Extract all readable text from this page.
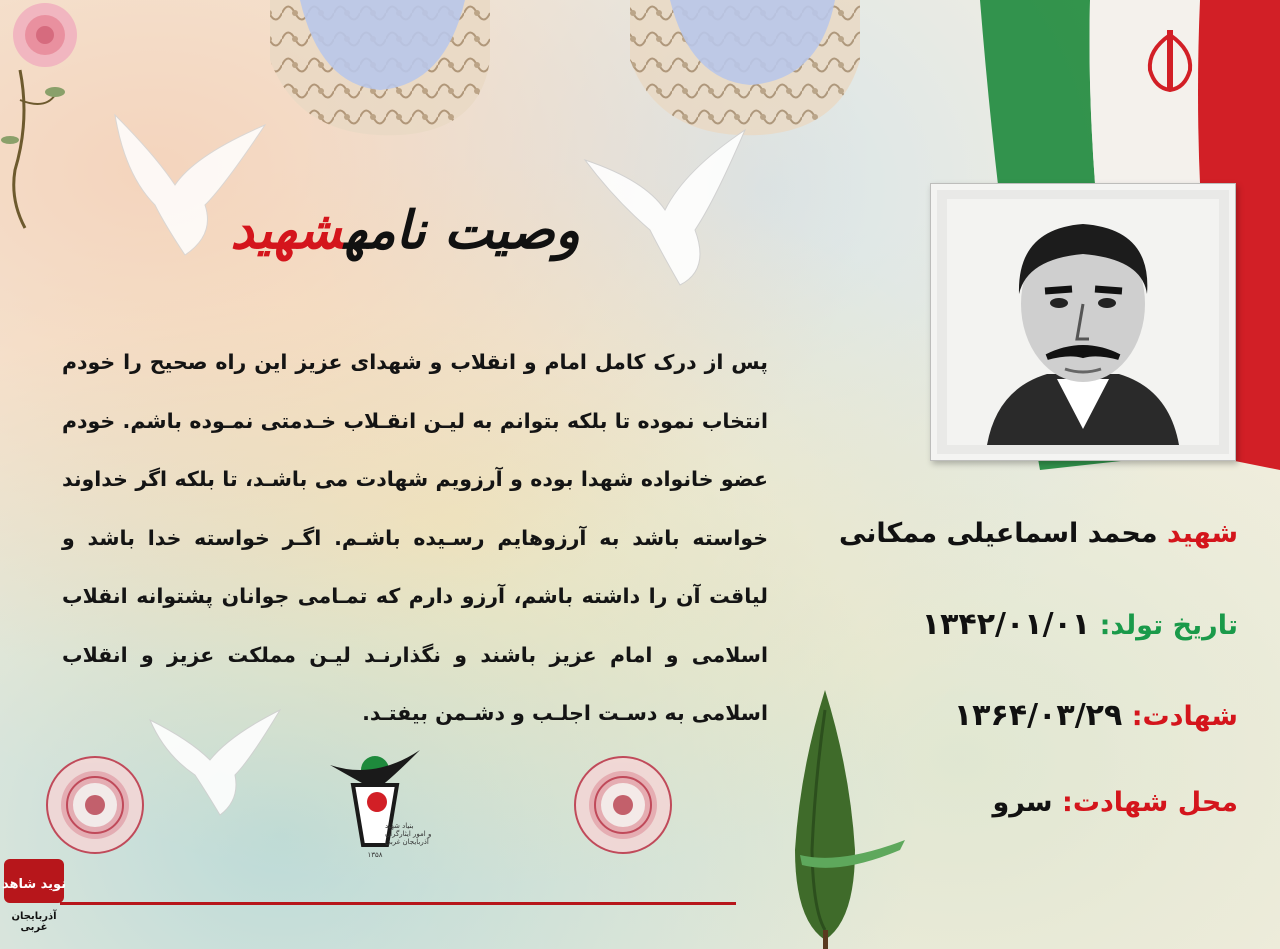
وصیت نامهشهید
پس از درک کامل امام و انقلاب و شهدای عزیز این راه صحیح را خودم انتخاب نموده تا بلکه بتوانم به لیـن انقـلاب خـدمتی نمـوده باشم. خودم عضو خانواده شهدا بوده و آرزویم شهادت می باشـد، تا بلکه اگر خداوند خواسته باشد به آرزوهایم رسـیده باشـم. اگـر خواسته خدا باشد و لیاقت آن را داشته باشم، آرزو دارم که تمـامی جوانان پشتوانه انقلاب اسلامی و امام عزیز باشند و نگذارنـد لیـن مملکت عزیز و انقلاب اسلامی به دسـت اجلـب و دشـمن بیفتـد.
شهید محمد اسماعیلی ممکانی
تاریخ تولد: ۱۳۴۲/۰۱/۰۱
شهادت: ۱۳۶۴/۰۳/۲۹
محل شهادت: سرو
بنیاد شهید
و امور ایثارگران
آذربایجان غربی
۱۳۵۸
نوید شاهد
آذربایجان
غربی
